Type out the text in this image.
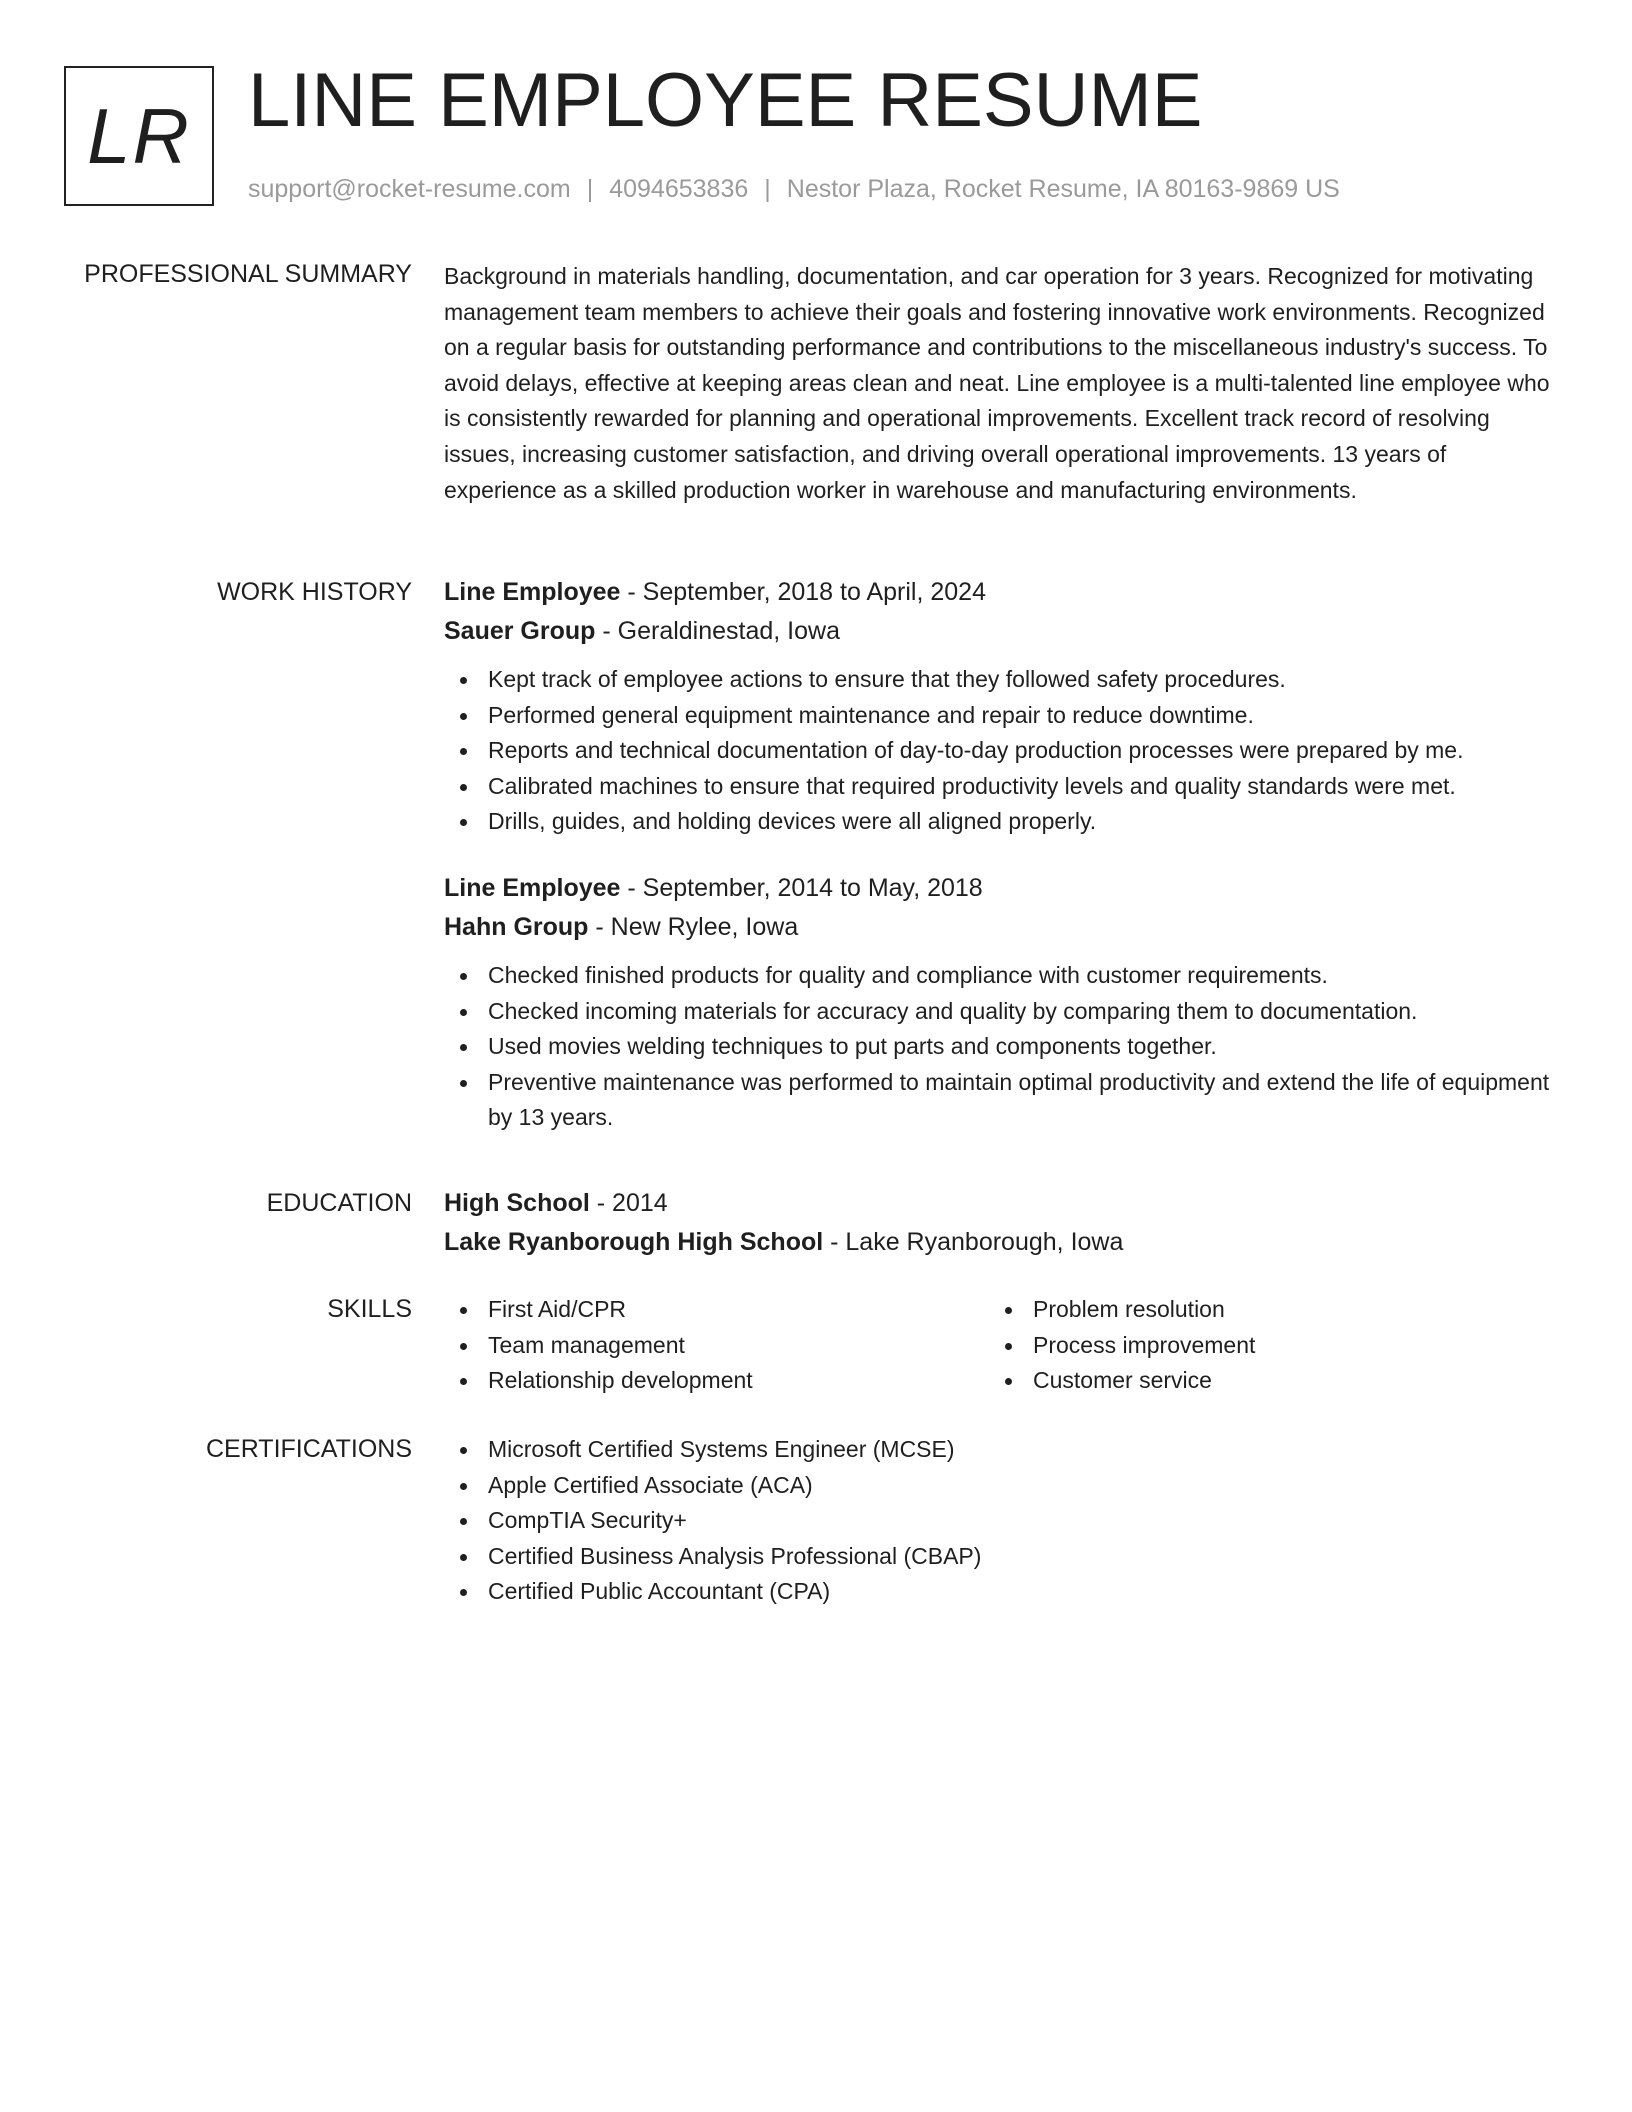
LR LINE EMPLOYEE RESUME
support@rocket-resume.com | 4094653836 | Nestor Plaza, Rocket Resume, IA 80163-9869 US
PROFESSIONAL SUMMARY Background in materials handling, documentation, and car operation for 3 years. Recognized for motivating management team members to achieve their goals and fostering innovative work environments. Recognized on a regular basis for outstanding performance and contributions to the miscellaneous industry's success. To avoid delays, effective at keeping areas clean and neat. Line employee is a multi-talented line employee who is consistently rewarded for planning and operational improvements. Excellent track record of resolving issues, increasing customer satisfaction, and driving overall operational improvements. 13 years of experience as a skilled production worker in warehouse and manufacturing environments.

WORK HISTORY Line Employee - September, 2018 to April, 2024
Sauer Group - Geraldinestad, Iowa
Kept track of employee actions to ensure that they followed safety procedures.
Performed general equipment maintenance and repair to reduce downtime.
Reports and technical documentation of day-to-day production processes were prepared by me.
Calibrated machines to ensure that required productivity levels and quality standards were met.
Drills, guides, and holding devices were all aligned properly.
Line Employee - September, 2014 to May, 2018
Hahn Group - New Rylee, Iowa
Checked finished products for quality and compliance with customer requirements.
Checked incoming materials for accuracy and quality by comparing them to documentation.
Used movies welding techniques to put parts and components together.
Preventive maintenance was performed to maintain optimal productivity and extend the life of equipment by 13 years.
EDUCATION High School - 2014
Lake Ryanborough High School - Lake Ryanborough, Iowa
SKILLS	First Aid/CPR
Team management
Relationship development
Problem resolution
Process improvement
Customer service
CERTIFICATIONS	Microsoft Certified Systems Engineer (MCSE)
Apple Certified Associate (ACA)
CompTIA Security+
Certified Business Analysis Professional (CBAP)
Certified Public Accountant (CPA)
